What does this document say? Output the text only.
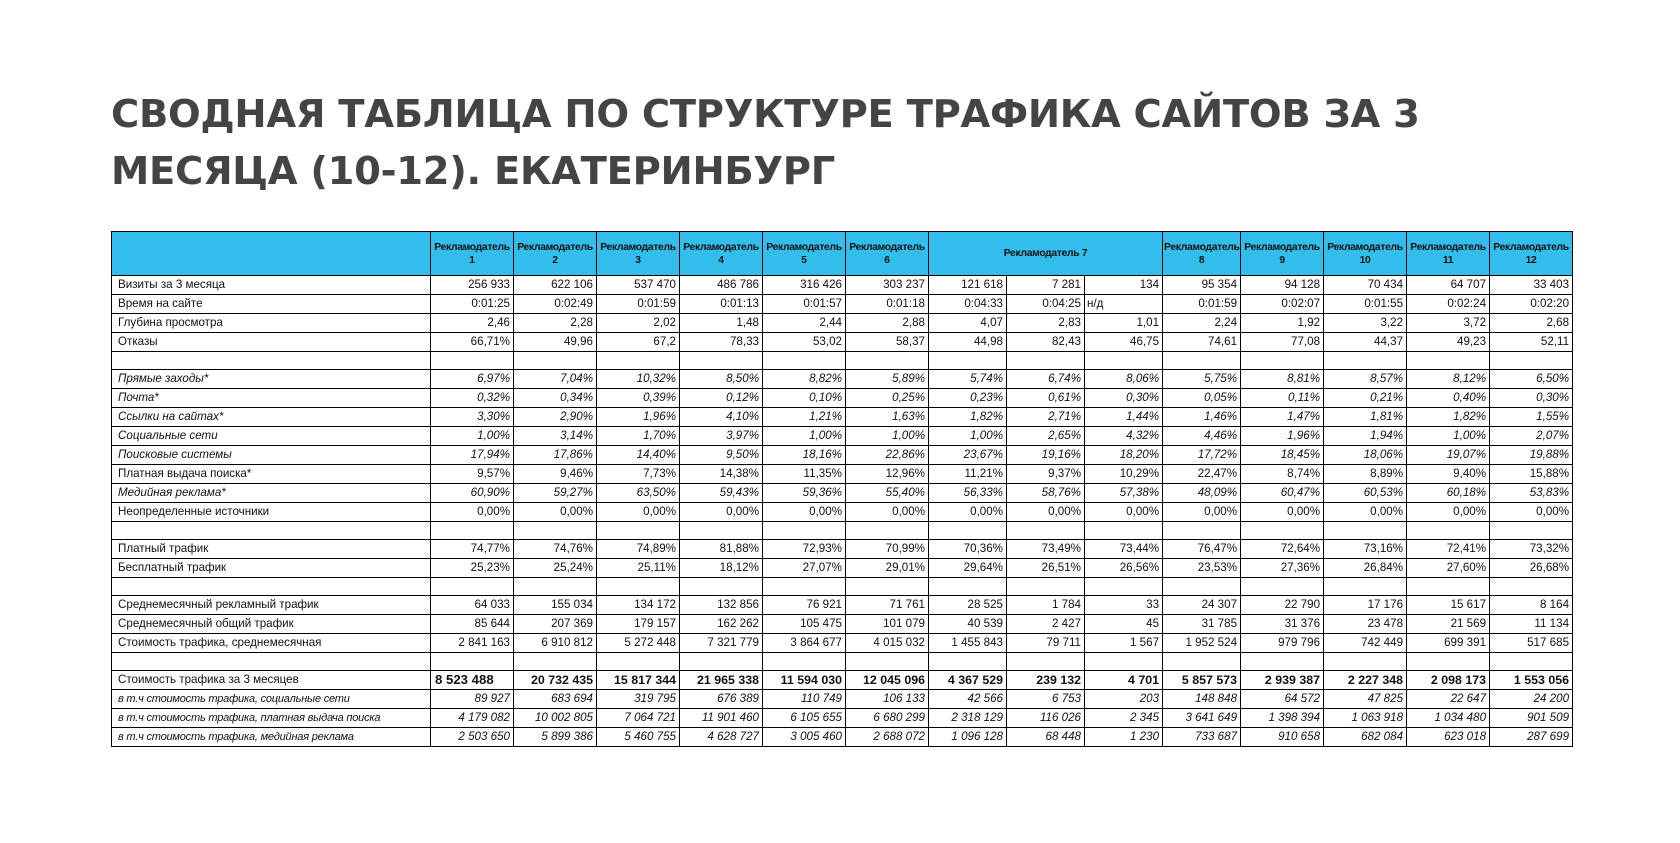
СВОДНАЯ ТАБЛИЦА ПО СТРУКТУРЕ ТРАФИКА САЙТОВ ЗА 3 МЕСЯЦА (10-12). ЕКАТЕРИНБУРГ
	Рекламодатель 1	Рекламодатель 2	Рекламодатель 3	Рекламодатель 4	Рекламодатель 5	Рекламодатель 6	Рекламодатель 7			Рекламодатель 8	Рекламодатель 9	Рекламодатель 10	Рекламодатель 11	Рекламодатель 12
Визиты за 3 месяца	256 933	622 106	537 470	486 786	316 426	303 237	121 618	7 281	134	95 354	94 128	70 434	64 707	33 403
Время на сайте	0:01:25	0:02:49	0:01:59	0:01:13	0:01:57	0:01:18	0:04:33	0:04:25	н/д	0:01:59	0:02:07	0:01:55	0:02:24	0:02:20
Глубина просмотра	2,46	2,28	2,02	1,48	2,44	2,88	4,07	2,83	1,01	2,24	1,92	3,22	3,72	2,68
Отказы	66,71%	49,96	67,2	78,33	53,02	58,37	44,98	82,43	46,75	74,61	77,08	44,37	49,23	52,11

Прямые заходы*	6,97%	7,04%	10,32%	8,50%	8,82%	5,89%	5,74%	6,74%	8,06%	5,75%	8,81%	8,57%	8,12%	6,50%
Почта*	0,32%	0,34%	0,39%	0,12%	0,10%	0,25%	0,23%	0,61%	0,30%	0,05%	0,11%	0,21%	0,40%	0,30%
Ссылки на сайтах*	3,30%	2,90%	1,96%	4,10%	1,21%	1,63%	1,82%	2,71%	1,44%	1,46%	1,47%	1,81%	1,82%	1,55%
Социальные сети	1,00%	3,14%	1,70%	3,97%	1,00%	1,00%	1,00%	2,65%	4,32%	4,46%	1,96%	1,94%	1,00%	2,07%
Поисковые системы	17,94%	17,86%	14,40%	9,50%	18,16%	22,86%	23,67%	19,16%	18,20%	17,72%	18,45%	18,06%	19,07%	19,88%
Платная выдача поиска*	9,57%	9,46%	7,73%	14,38%	11,35%	12,96%	11,21%	9,37%	10,29%	22,47%	8,74%	8,89%	9,40%	15,88%
Медийная реклама*	60,90%	59,27%	63,50%	59,43%	59,36%	55,40%	56,33%	58,76%	57,38%	48,09%	60,47%	60,53%	60,18%	53,83%
Неопределенные источники	0,00%	0,00%	0,00%	0,00%	0,00%	0,00%	0,00%	0,00%	0,00%	0,00%	0,00%	0,00%	0,00%	0,00%

Платный трафик	74,77%	74,76%	74,89%	81,88%	72,93%	70,99%	70,36%	73,49%	73,44%	76,47%	72,64%	73,16%	72,41%	73,32%
Бесплатный трафик	25,23%	25,24%	25,11%	18,12%	27,07%	29,01%	29,64%	26,51%	26,56%	23,53%	27,36%	26,84%	27,60%	26,68%

Среднемесячный рекламный трафик	64 033	155 034	134 172	132 856	76 921	71 761	28 525	1 784	33	24 307	22 790	17 176	15 617	8 164
Среднемесячный общий трафик	85 644	207 369	179 157	162 262	105 475	101 079	40 539	2 427	45	31 785	31 376	23 478	21 569	11 134
Стоимость трафика, среднемесячная	2 841 163	6 910 812	5 272 448	7 321 779	3 864 677	4 015 032	1 455 843	79 711	1 567	1 952 524	979 796	742 449	699 391	517 685

Стоимость трафика за 3 месяцев	8 523 488	20 732 435	15 817 344	21 965 338	11 594 030	12 045 096	4 367 529	239 132	4 701	5 857 573	2 939 387	2 227 348	2 098 173	1 553 056
в т.ч стоимость трафика, социальные сети	89 927	683 694	319 795	676 389	110 749	106 133	42 566	6 753	203	148 848	64 572	47 825	22 647	24 200
в т.ч стоимость трафика, платная выдача поиска	4 179 082	10 002 805	7 064 721	11 901 460	6 105 655	6 680 299	2 318 129	116 026	2 345	3 641 649	1 398 394	1 063 918	1 034 480	901 509
в т.ч стоимость трафика, медийная реклама	2 503 650	5 899 386	5 460 755	4 628 727	3 005 460	2 688 072	1 096 128	68 448	1 230	733 687	910 658	682 084	623 018	287 699
